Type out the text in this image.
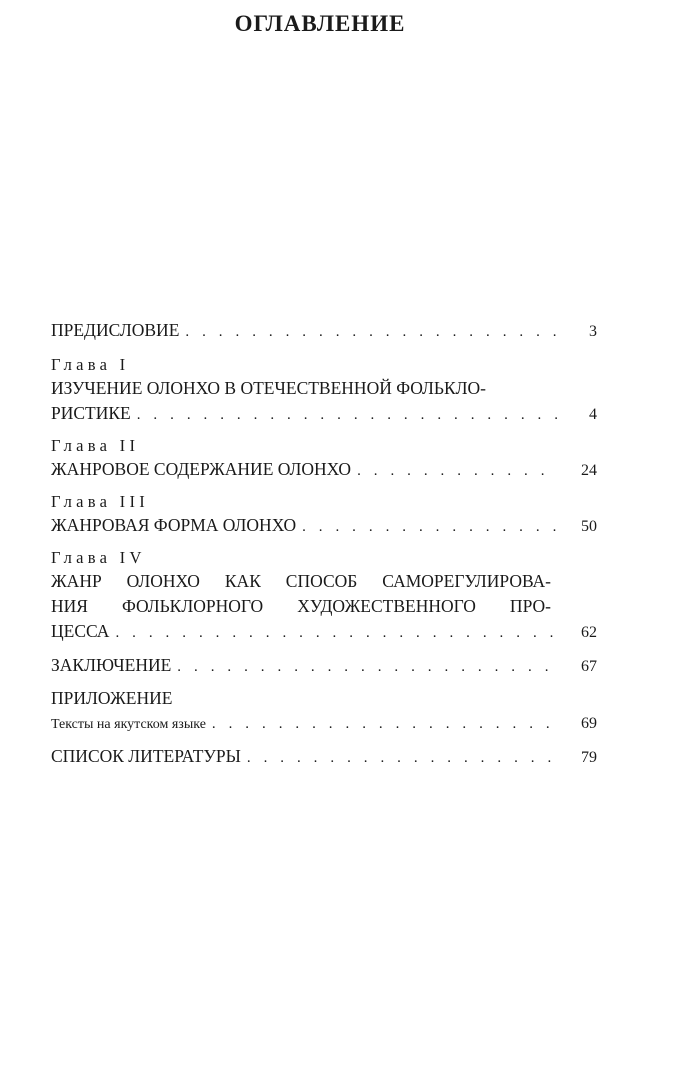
ОГЛАВЛЕНИЕ
ПРЕДИСЛОВИЕ . . .	3
Глава I
ИЗУЧЕНИЕ ОЛОНХО В ОТЕЧЕСТВЕННОЙ ФОЛЬКЛО-
РИСТИКЕ . . .	4
Глава II
ЖАНРОВОЕ СОДЕРЖАНИЕ ОЛОНХО . . .	24
Глава III
ЖАНРОВАЯ ФОРМА ОЛОНХО . . .	50
Глава IV
ЖАНР ОЛОНХО КАК СПОСОБ САМОРЕГУЛИРОВА-
НИЯ ФОЛЬКЛОРНОГО ХУДОЖЕСТВЕННОГО ПРО-
ЦЕССА . . .	62
ЗАКЛЮЧЕНИЕ . . .	67
ПРИЛОЖЕНИЕ
Тексты на якутском языке . . .	69
СПИСОК ЛИТЕРАТУРЫ . . .	79
